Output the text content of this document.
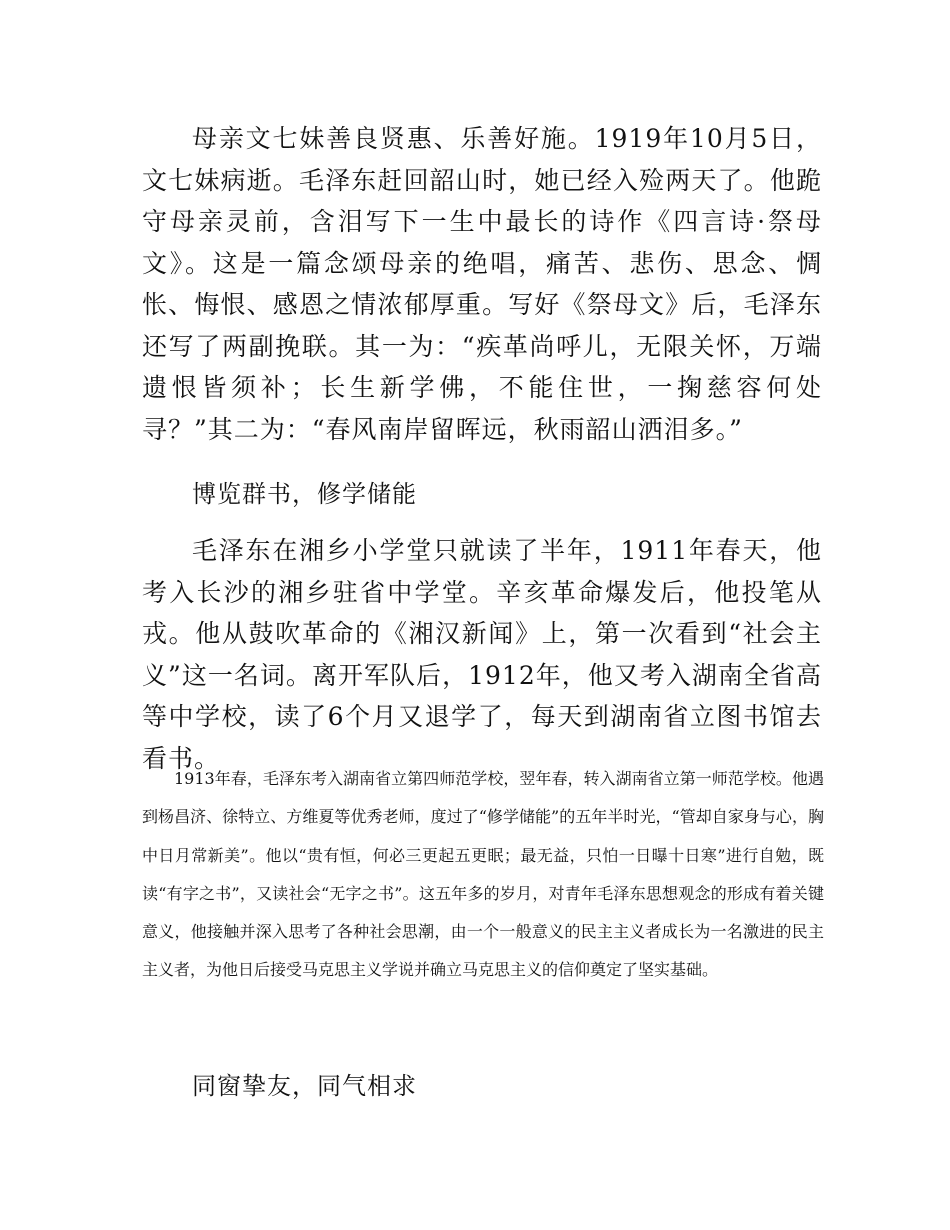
母亲文七妹善良贤惠、乐善好施。1919年10月5日，文七妹病逝。毛泽东赶回韶山时，她已经入殓两天了。他跪守母亲灵前，含泪写下一生中最长的诗作《四言诗·祭母文》。这是一篇念颂母亲的绝唱，痛苦、悲伤、思念、惆怅、悔恨、感恩之情浓郁厚重。写好《祭母文》后，毛泽东还写了两副挽联。其一为：“疾革尚呼儿，无限关怀，万端遗恨皆须补；长生新学佛，不能住世，一掬慈容何处寻？”其二为：“春风南岸留晖远，秋雨韶山洒泪多。”

博览群书，修学储能

毛泽东在湘乡小学堂只就读了半年，1911年春天，他考入长沙的湘乡驻省中学堂。辛亥革命爆发后，他投笔从戎。他从鼓吹革命的《湘汉新闻》上，第一次看到“社会主义”这一名词。离开军队后，1912年，他又考入湖南全省高等中学校，读了6个月又退学了，每天到湖南省立图书馆去看书。

1913年春，毛泽东考入湖南省立第四师范学校，翌年春，转入湖南省立第一师范学校。他遇到杨昌济、徐特立、方维夏等优秀老师，度过了“修学储能”的五年半时光，“管却自家身与心，胸中日月常新美”。他以“贵有恒，何必三更起五更眠；最无益，只怕一日曝十日寒”进行自勉，既读“有字之书”，又读社会“无字之书”。这五年多的岁月，对青年毛泽东思想观念的形成有着关键意义，他接触并深入思考了各种社会思潮，由一个一般意义的民主主义者成长为一名激进的民主主义者，为他日后接受马克思主义学说并确立马克思主义的信仰奠定了坚实基础。

同窗挚友，同气相求
